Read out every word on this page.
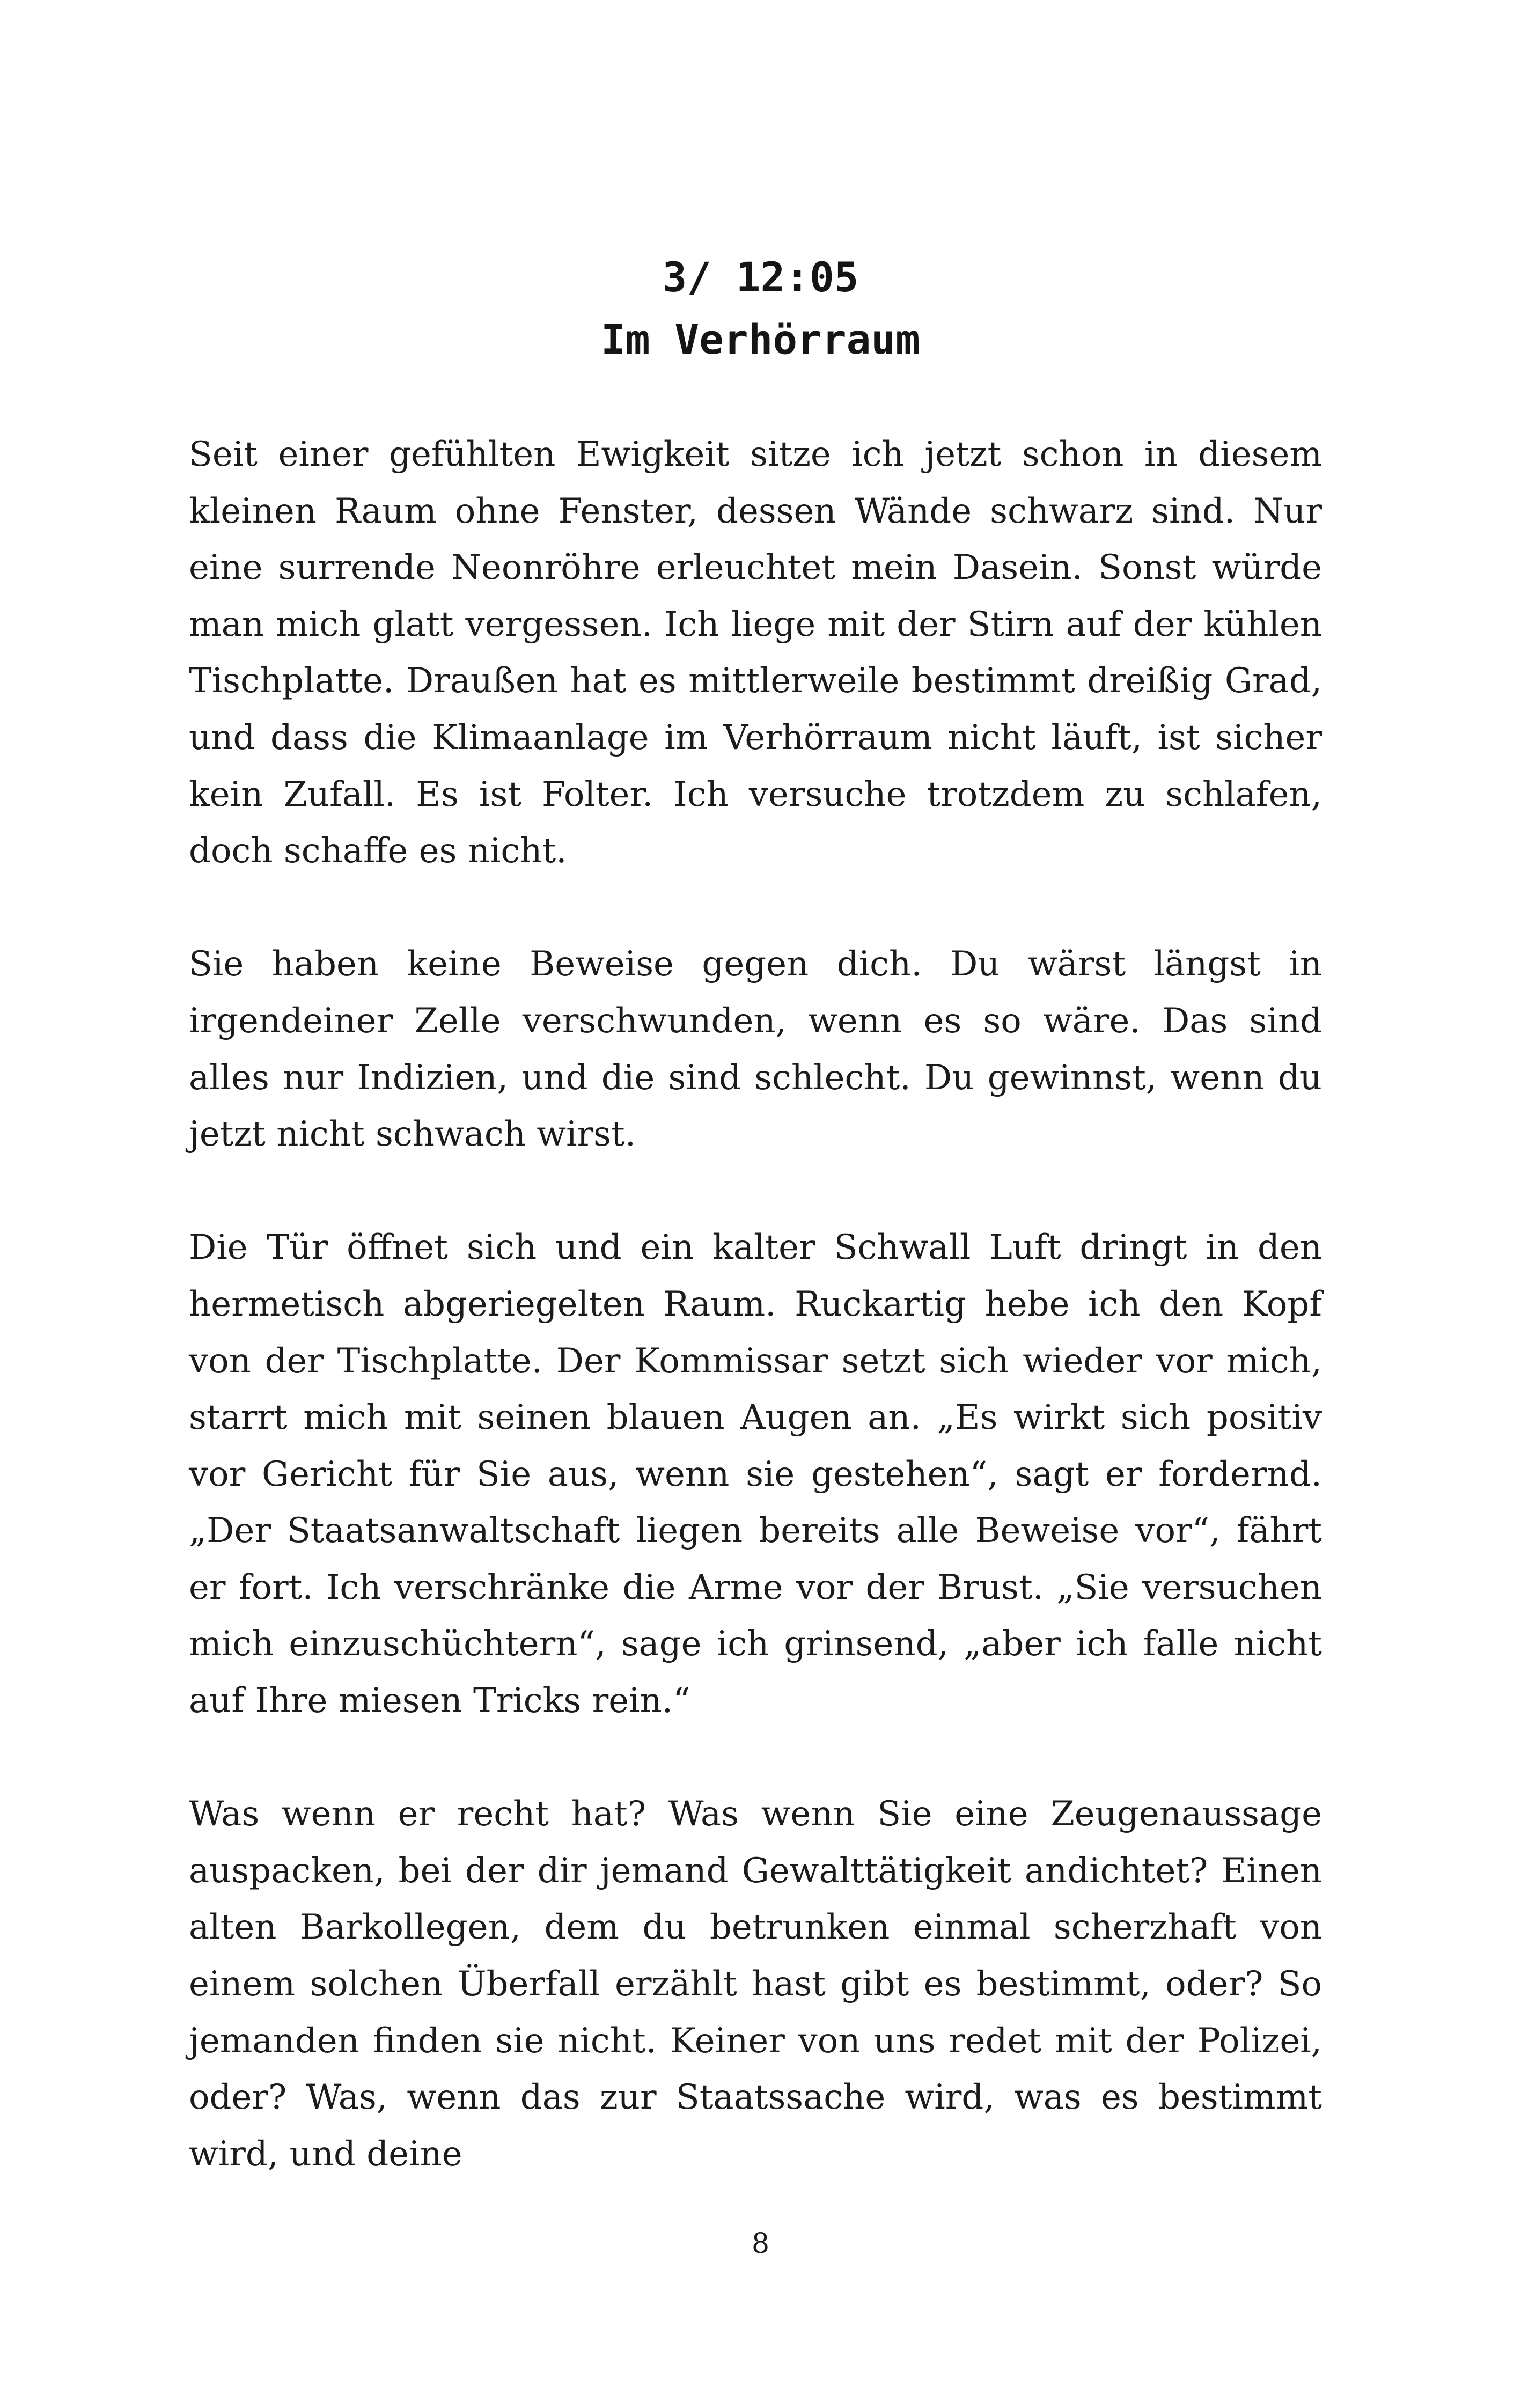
3/ 12:05
Im Verhörraum

Seit einer gefühlten Ewigkeit sitze ich jetzt schon in diesem kleinen Raum ohne Fenster, dessen Wände schwarz sind. Nur eine surrende Neonröhre erleuchtet mein Dasein. Sonst würde man mich glatt vergessen. Ich liege mit der Stirn auf der kühlen Tischplatte. Draußen hat es mittlerweile bestimmt dreißig Grad, und dass die Klimaanlage im Verhörraum nicht läuft, ist sicher kein Zufall. Es ist Folter. Ich versuche trotzdem zu schlafen, doch schaffe es nicht.

Sie haben keine Beweise gegen dich. Du wärst längst in irgendeiner Zelle verschwunden, wenn es so wäre. Das sind alles nur Indizien, und die sind schlecht. Du gewinnst, wenn du jetzt nicht schwach wirst.

Die Tür öffnet sich und ein kalter Schwall Luft dringt in den hermetisch abgeriegelten Raum. Ruckartig hebe ich den Kopf von der Tischplatte. Der Kommissar setzt sich wieder vor mich, starrt mich mit seinen blauen Augen an. „Es wirkt sich positiv vor Gericht für Sie aus, wenn sie gestehen“, sagt er fordernd. „Der Staatsanwaltschaft liegen bereits alle Beweise vor“, fährt er fort. Ich verschränke die Arme vor der Brust. „Sie versuchen mich einzuschüchtern“, sage ich grinsend, „aber ich falle nicht auf Ihre miesen Tricks rein.“

Was wenn er recht hat? Was wenn Sie eine Zeugenaussage auspacken, bei der dir jemand Gewalttätigkeit andichtet? Einen alten Barkollegen, dem du betrunken einmal scherzhaft von einem solchen Überfall erzählt hast gibt es bestimmt, oder? So jemanden finden sie nicht. Keiner von uns redet mit der Polizei, oder? Was, wenn das zur Staatssache wird, was es bestimmt wird, und deine

8
